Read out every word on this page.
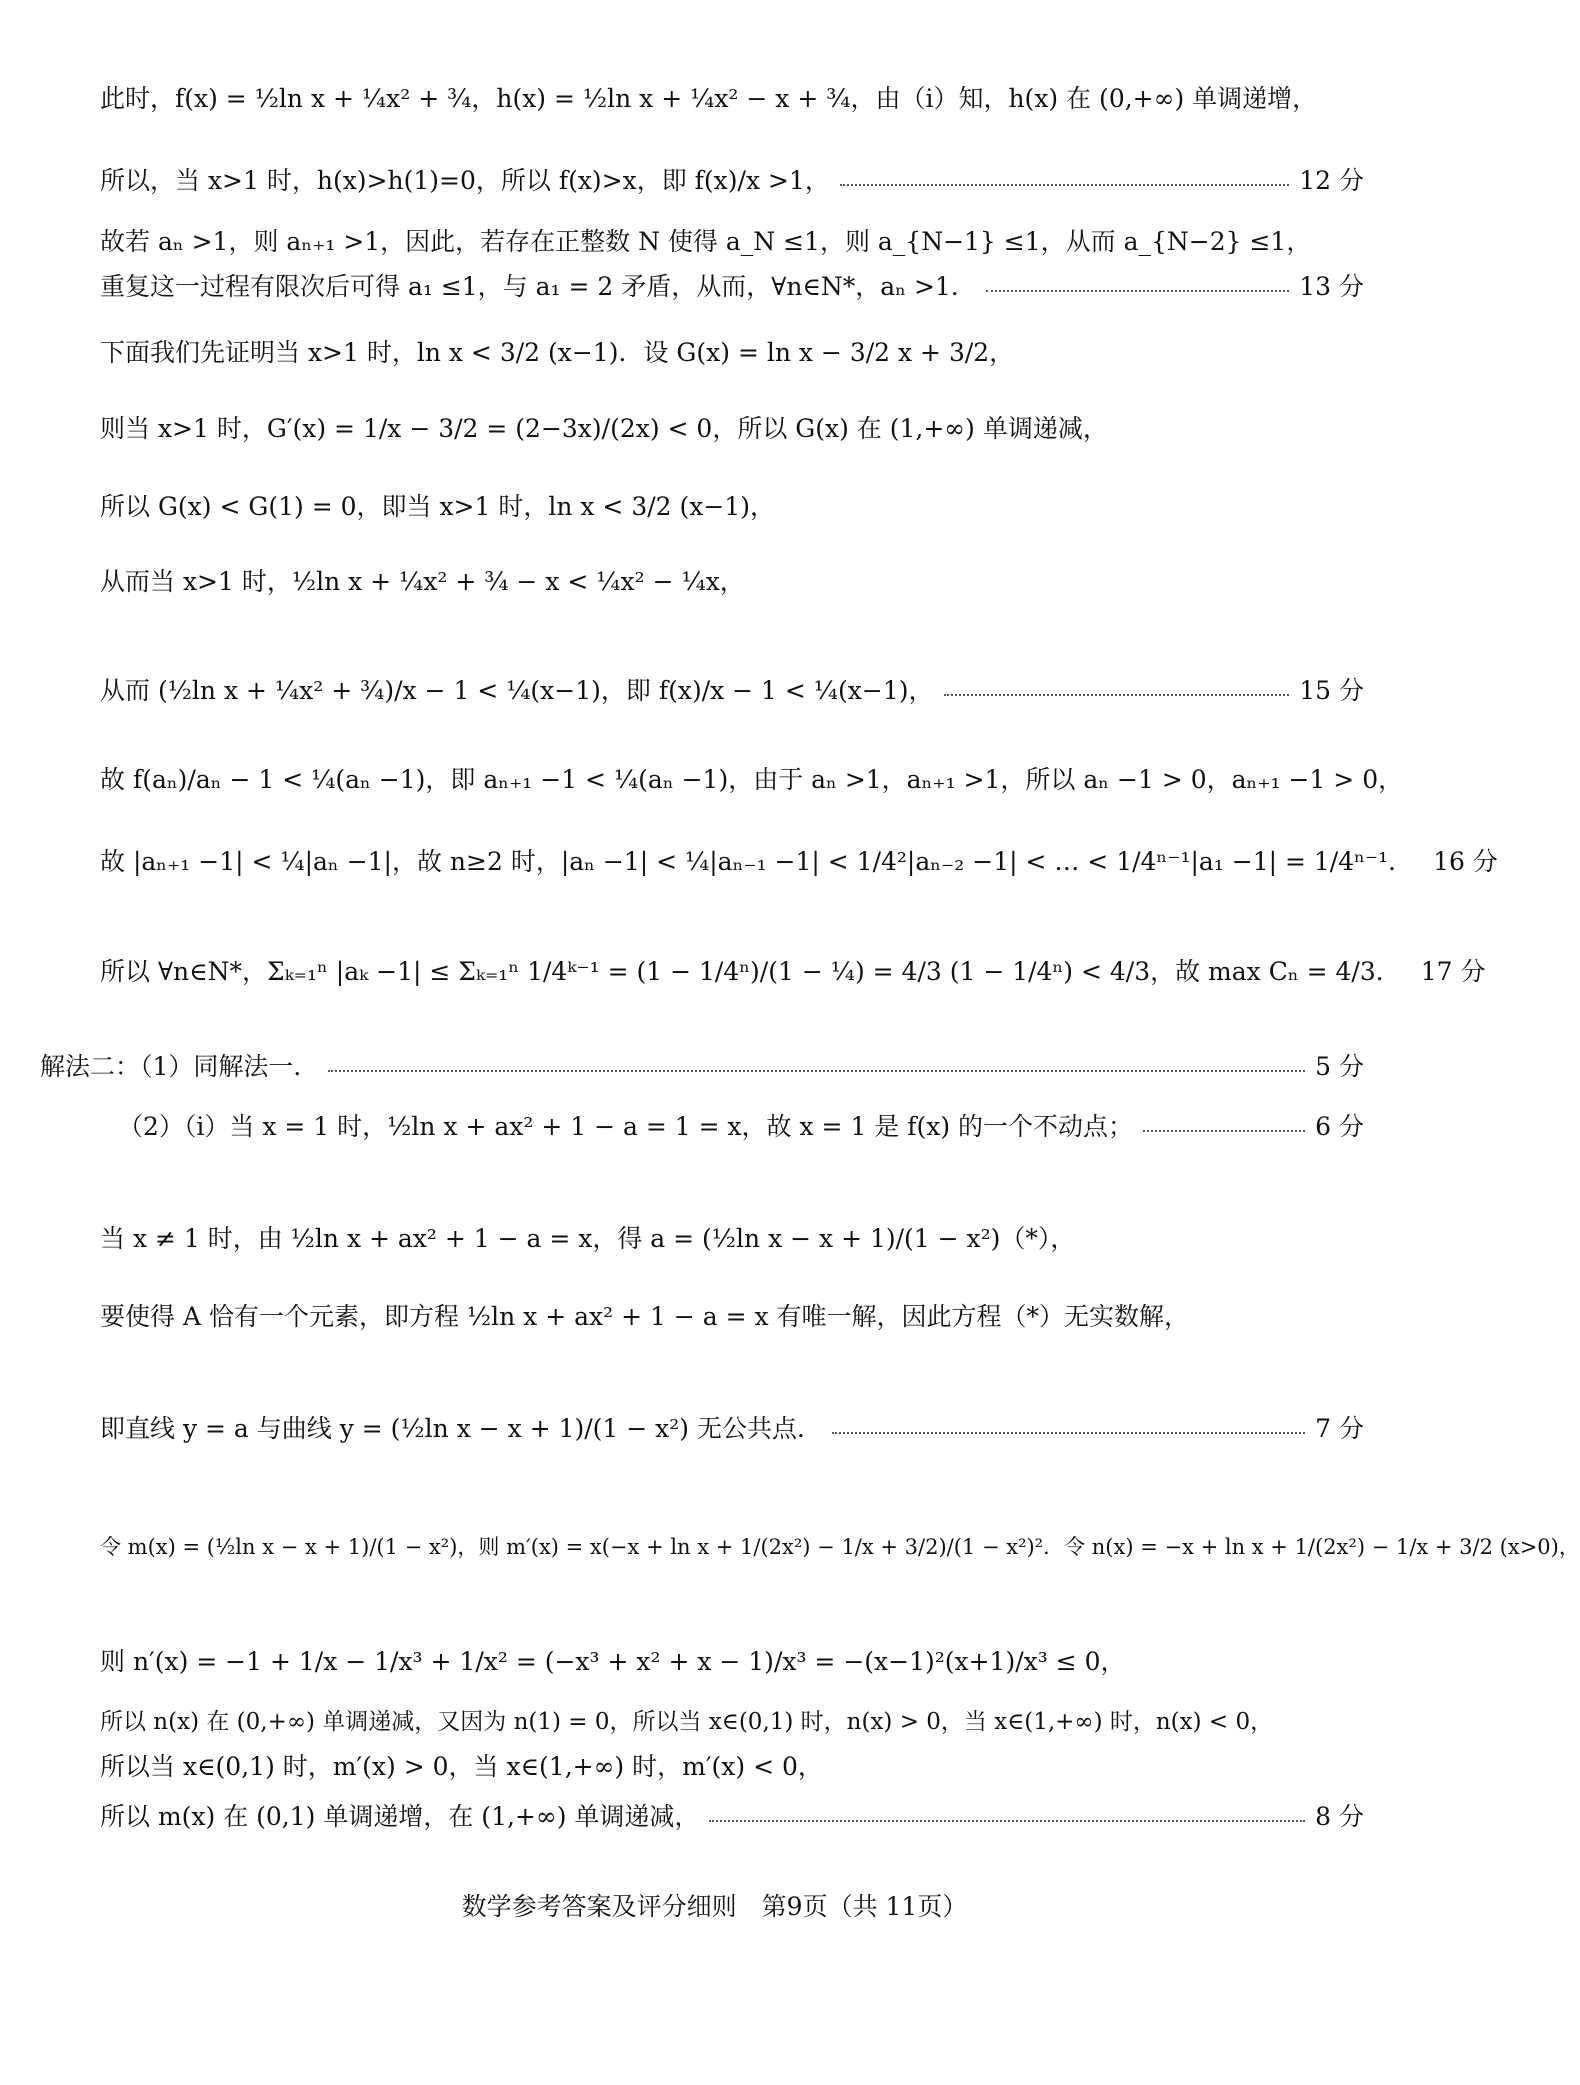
此时，f(x) = ½ln x + ¼x² + ¾，h(x) = ½ln x + ¼x² − x + ¾，由（i）知，h(x) 在 (0,+∞) 单调递增，
所以，当 x>1 时，h(x)>h(1)=0，所以 f(x)>x，即 f(x)/x >1，	12 分
故若 aₙ >1，则 aₙ₊₁ >1，因此，若存在正整数 N 使得 a_N ≤1，则 a_{N−1} ≤1，从而 a_{N−2} ≤1，
重复这一过程有限次后可得 a₁ ≤1，与 a₁ = 2 矛盾，从而，∀n∈N*，aₙ >1．	13 分
下面我们先证明当 x>1 时，ln x < 3/2 (x−1)．设 G(x) = ln x − 3/2 x + 3/2，
则当 x>1 时，G′(x) = 1/x − 3/2 = (2−3x)/(2x) < 0，所以 G(x) 在 (1,+∞) 单调递减，
所以 G(x) < G(1) = 0，即当 x>1 时，ln x < 3/2 (x−1)，
从而当 x>1 时，½ln x + ¼x² + ¾ − x < ¼x² − ¼x，
从而 (½ln x + ¼x² + ¾)/x − 1 < ¼(x−1)，即 f(x)/x − 1 < ¼(x−1)，	15 分
故 f(aₙ)/aₙ − 1 < ¼(aₙ −1)，即 aₙ₊₁ −1 < ¼(aₙ −1)，由于 aₙ >1，aₙ₊₁ >1，所以 aₙ −1 > 0，aₙ₊₁ −1 > 0，
故 |aₙ₊₁ −1| < ¼|aₙ −1|，故 n≥2 时，|aₙ −1| < ¼|aₙ₋₁ −1| < 1/4²|aₙ₋₂ −1| < … < 1/4ⁿ⁻¹|a₁ −1| = 1/4ⁿ⁻¹． 16 分
所以 ∀n∈N*，Σₖ₌₁ⁿ |aₖ −1| ≤ Σₖ₌₁ⁿ 1/4ᵏ⁻¹ = (1 − 1/4ⁿ)/(1 − ¼) = 4/3 (1 − 1/4ⁿ) < 4/3，故 max Cₙ = 4/3． 17 分
解法二：（1）同解法一．	5 分
（2）（i）当 x = 1 时，½ln x + ax² + 1 − a = 1 = x，故 x = 1 是 f(x) 的一个不动点；	6 分
当 x ≠ 1 时，由 ½ln x + ax² + 1 − a = x，得 a = (½ln x − x + 1)/(1 − x²)（*），
要使得 A 恰有一个元素，即方程 ½ln x + ax² + 1 − a = x 有唯一解，因此方程（*）无实数解，
即直线 y = a 与曲线 y = (½ln x − x + 1)/(1 − x²) 无公共点．	7 分
令 m(x) = (½ln x − x + 1)/(1 − x²)，则 m′(x) = x(−x + ln x + 1/(2x²) − 1/x + 3/2)/(1 − x²)²．令 n(x) = −x + ln x + 1/(2x²) − 1/x + 3/2 (x>0)，
则 n′(x) = −1 + 1/x − 1/x³ + 1/x² = (−x³ + x² + x − 1)/x³ = −(x−1)²(x+1)/x³ ≤ 0，
所以 n(x) 在 (0,+∞) 单调递减，又因为 n(1) = 0，所以当 x∈(0,1) 时，n(x) > 0，当 x∈(1,+∞) 时，n(x) < 0，
所以当 x∈(0,1) 时，m′(x) > 0，当 x∈(1,+∞) 时，m′(x) < 0，
所以 m(x) 在 (0,1) 单调递增，在 (1,+∞) 单调递减，	8 分
数学参考答案及评分细则　第9页（共 11页）
